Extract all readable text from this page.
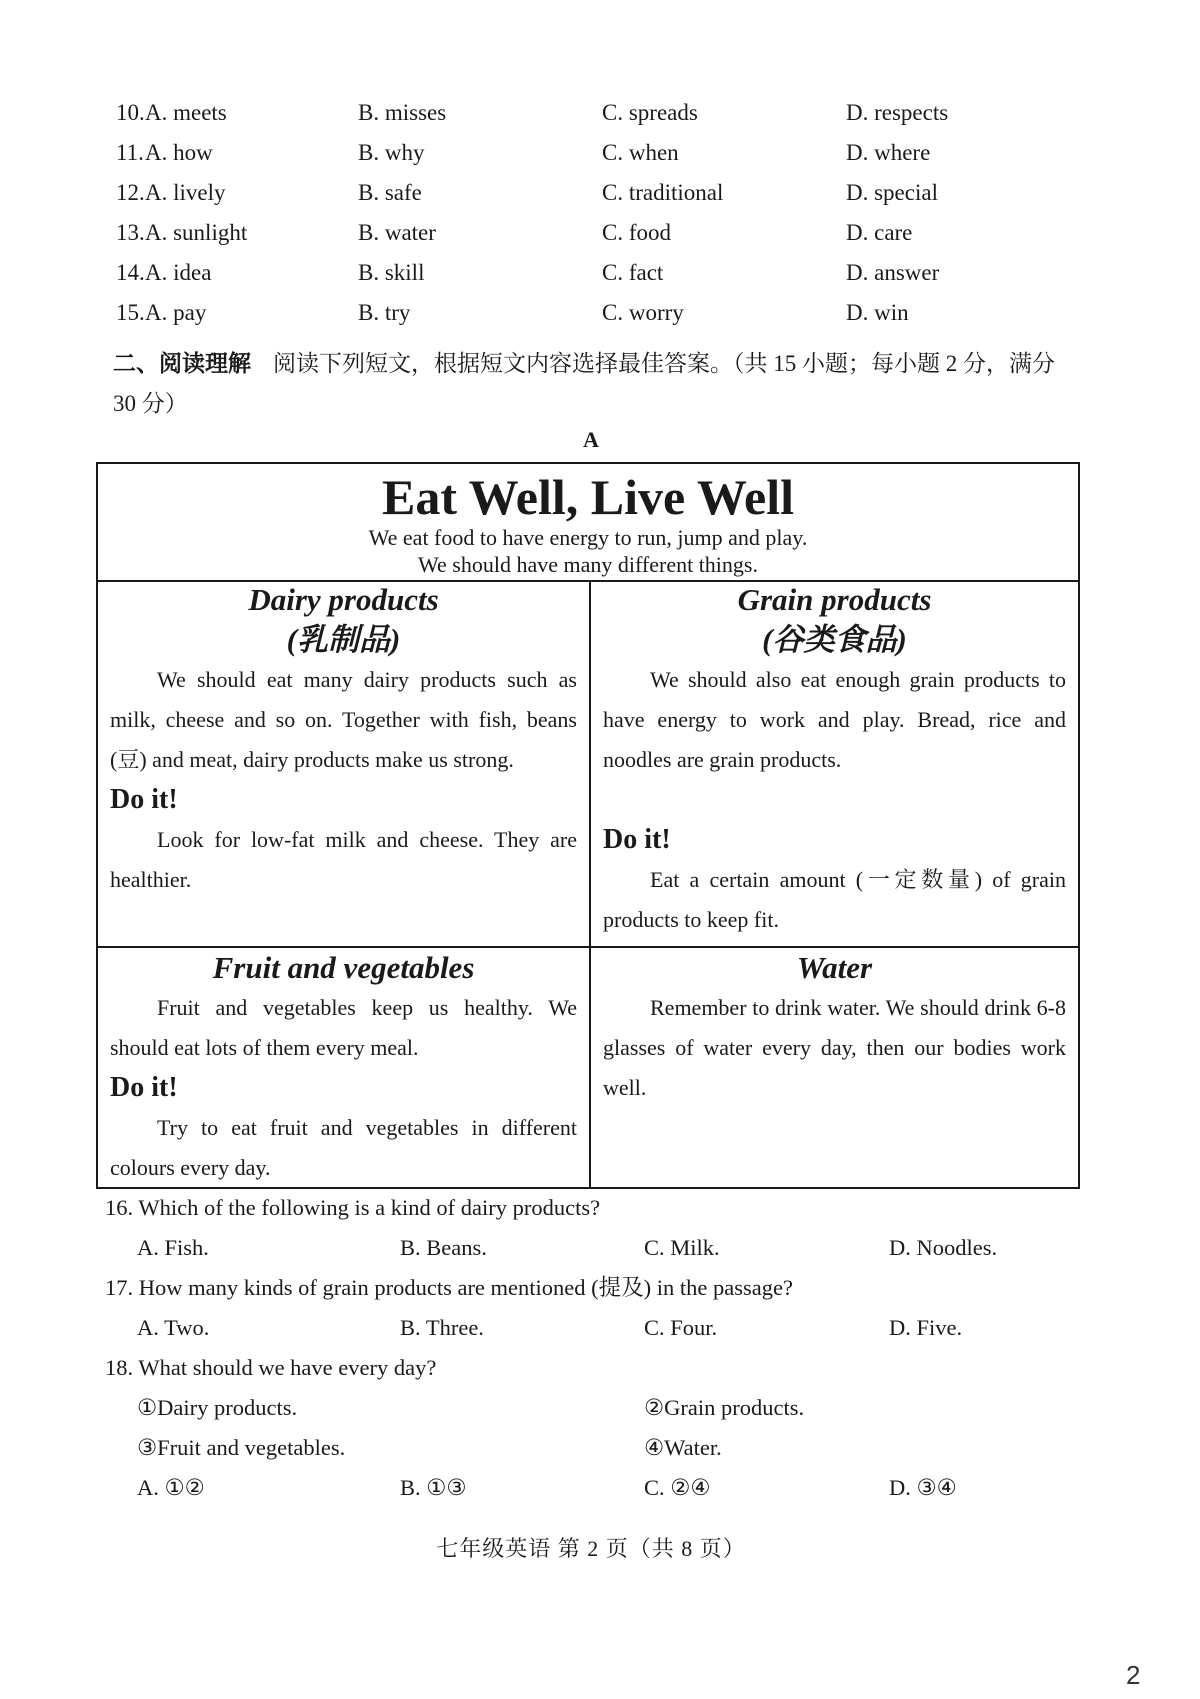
10. A. meets	B. misses	C. spreads	D. respects
11. A. how	B. why	C. when	D. where
12. A. lively	B. safe	C. traditional	D. special
13. A. sunlight	B. water	C. food	D. care
14. A. idea	B. skill	C. fact	D. answer
15. A. pay	B. try	C. worry	D. win
二、阅读理解 阅读下列短文，根据短文内容选择最佳答案。（共 15 小题；每小题 2 分，满分 30 分）
A
Eat Well, Live Well
We eat food to have energy to run, jump and play.
We should have many different things.
Dairy products
(乳制品)

We should eat many dairy products such as milk, cheese and so on. Together with fish, beans (豆) and meat, dairy products make us strong.

Do it!

Look for low-fat milk and cheese. They are healthier.

Grain products
(谷类食品)

We should also eat enough grain products to have energy to work and play. Bread, rice and noodles are grain products.

Do it!

Eat a certain amount (一定数量) of grain products to keep fit.

Fruit and vegetables

Fruit and vegetables keep us healthy. We should eat lots of them every meal.

Do it!

Try to eat fruit and vegetables in different colours every day.

Water

Remember to drink water. We should drink 6-8 glasses of water every day, then our bodies work well.

16. Which of the following is a kind of dairy products?
A. Fish.	B. Beans.	C. Milk.	D. Noodles.
17. How many kinds of grain products are mentioned (提及) in the passage?
A. Two.	B. Three.	C. Four.	D. Five.
18. What should we have every day?
①Dairy products.	②Grain products.
③Fruit and vegetables.	④Water.
A. ①②	B. ①③	C. ②④	D. ③④
七年级英语 第 2 页（共 8 页）
2
